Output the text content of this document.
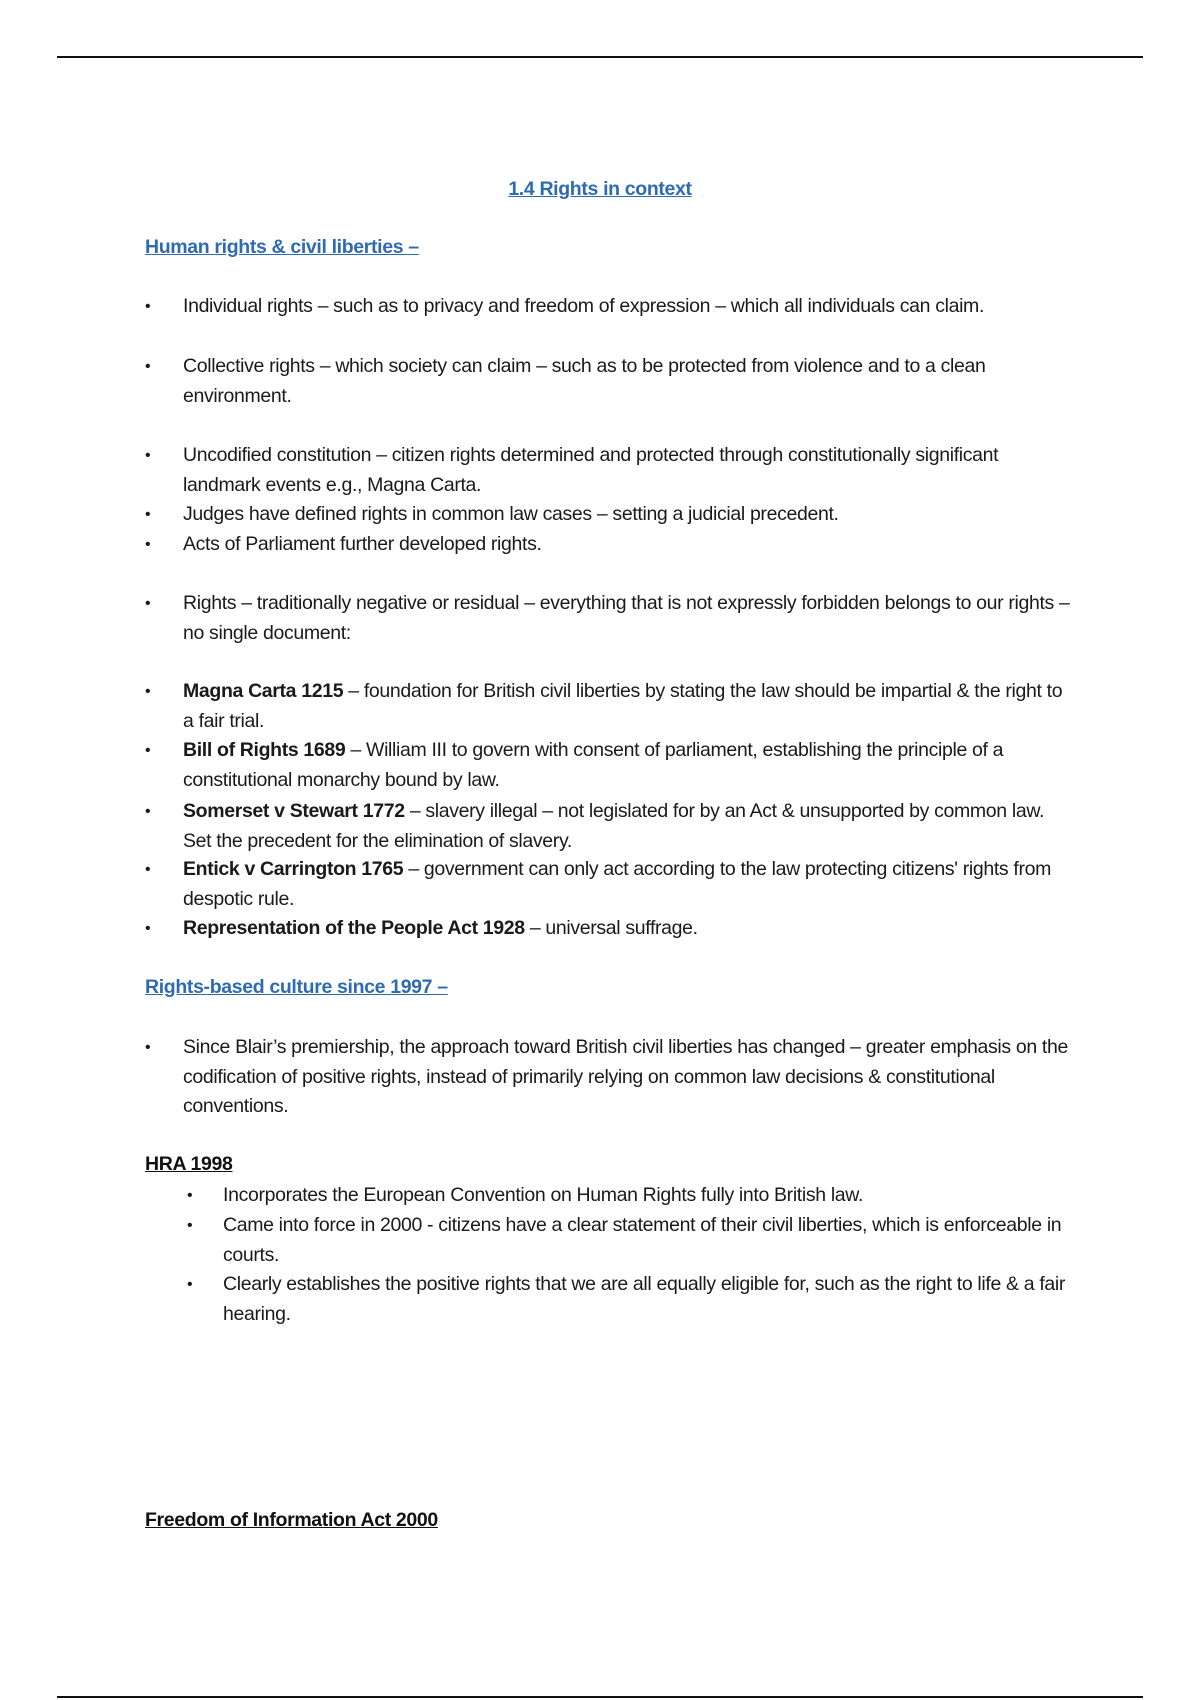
1.4 Rights in context
Human rights & civil liberties –
•	Individual rights – such as to privacy and freedom of expression – which all individuals can claim.
•	Collective rights – which society can claim – such as to be protected from violence and to a clean environment.
•	Uncodified constitution – citizen rights determined and protected through constitutionally significant landmark events e.g., Magna Carta.
•	Judges have defined rights in common law cases – setting a judicial precedent.
•	Acts of Parliament further developed rights.
•	Rights – traditionally negative or residual – everything that is not expressly forbidden belongs to our rights – no single document:
•	Magna Carta 1215 – foundation for British civil liberties by stating the law should be impartial & the right to a fair trial.
•	Bill of Rights 1689 – William III to govern with consent of parliament, establishing the principle of a constitutional monarchy bound by law.
•	Somerset v Stewart 1772 – slavery illegal – not legislated for by an Act & unsupported by common law. Set the precedent for the elimination of slavery.
•	Entick v Carrington 1765 – government can only act according to the law protecting citizens' rights from despotic rule.
•	Representation of the People Act 1928 – universal suffrage.
Rights-based culture since 1997 –
•	Since Blair’s premiership, the approach toward British civil liberties has changed – greater emphasis on the codification of positive rights, instead of primarily relying on common law decisions & constitutional conventions.
HRA 1998
•	Incorporates the European Convention on Human Rights fully into British law.
•	Came into force in 2000 - citizens have a clear statement of their civil liberties, which is enforceable in courts.
•	Clearly establishes the positive rights that we are all equally eligible for, such as the right to life & a fair hearing.
Freedom of Information Act 2000
